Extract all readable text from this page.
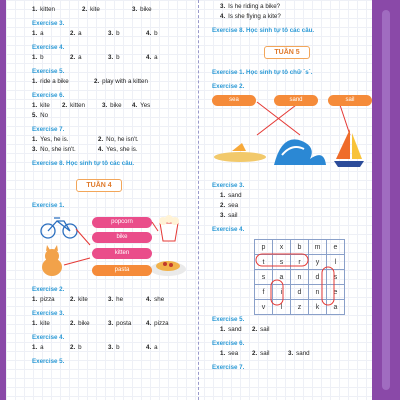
1. kitten	2. kite	3. bike
Exercise 3.
1. a	2. a	3. b	4. b
Exercise 4.
1. b	2. a	3. b	4. a
Exercise 5.
1. ride a bike	2. play with a kitten
Exercise 6.
1. kite	2. kitten	3. bike	4. Yes
5. No
Exercise 7.
1. Yes, he is.	2. No, he isn't.
3. No, she isn't.	4. Yes, she is.
Exercise 8. Học sinh tự tô các câu.
TUẦN 4
Exercise 1.
popcorn
bike
kitten
pasta
Exercise 2.
1. pizza	2. kite	3. he	4. she
Exercise 3.
1. kite	2. bike	3. posta	4. pizza
Exercise 4.
1. a	2. b	3. b	4. a
Exercise 5.
3. Is he riding a bike?
4. Is she flying a kite?
Exercise 8. Học sinh tự tô các câu.
TUẦN 5
Exercise 1. Học sinh tự tô chữ `s`.
Exercise 2.
sea	sand	sail
Exercise 3.
1. sand
2. sea
3. sail
Exercise 4.
p	x	b	m	e
t	s	r	y	l
s	a	n	d	s
f	i	d	n	e
v	l	z	k	a
Exercise 5.
1. sand	2. sail
Exercise 6.
1. sea	2. sail	3. sand
Exercise 7.
